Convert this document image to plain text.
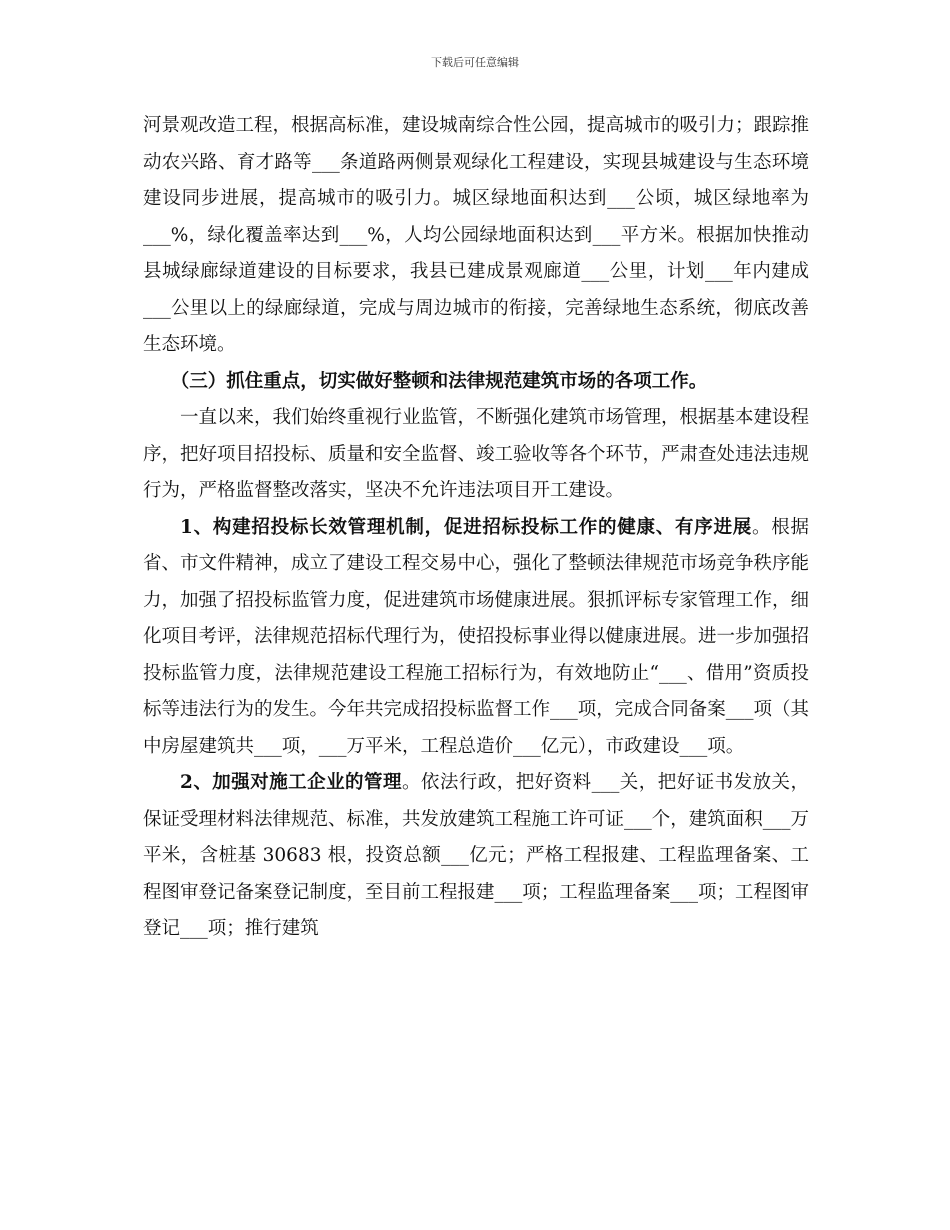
下载后可任意编辑

河景观改造工程，根据高标准，建设城南综合性公园，提高城市的吸引力；跟踪推动农兴路、育才路等___条道路两侧景观绿化工程建设，实现县城建设与生态环境建设同步进展，提高城市的吸引力。城区绿地面积达到___公顷，城区绿地率为___%，绿化覆盖率达到___%，人均公园绿地面积达到___平方米。根据加快推动县城绿廊绿道建设的目标要求，我县已建成景观廊道___公里，计划___年内建成___公里以上的绿廊绿道，完成与周边城市的衔接，完善绿地生态系统，彻底改善生态环境。

（三）抓住重点，切实做好整顿和法律规范建筑市场的各项工作。

一直以来，我们始终重视行业监管，不断强化建筑市场管理，根据基本建设程序，把好项目招投标、质量和安全监督、竣工验收等各个环节，严肃查处违法违规行为，严格监督整改落实，坚决不允许违法项目开工建设。

1、构建招投标长效管理机制，促进招标投标工作的健康、有序进展。根据省、市文件精神，成立了建设工程交易中心，强化了整顿法律规范市场竞争秩序能力，加强了招投标监管力度，促进建筑市场健康进展。狠抓评标专家管理工作，细化项目考评，法律规范招标代理行为，使招投标事业得以健康进展。进一步加强招投标监管力度，法律规范建设工程施工招标行为，有效地防止“___、借用”资质投标等违法行为的发生。今年共完成招投标监督工作___项，完成合同备案___项（其中房屋建筑共___项，___万平米，工程总造价___亿元），市政建设___项。

2、加强对施工企业的管理。依法行政，把好资料___关，把好证书发放关，保证受理材料法律规范、标准，共发放建筑工程施工许可证___个，建筑面积___万平米，含桩基 30683 根，投资总额___亿元；严格工程报建、工程监理备案、工程图审登记备案登记制度，至目前工程报建___项；工程监理备案___项；工程图审登记___项；推行建筑
